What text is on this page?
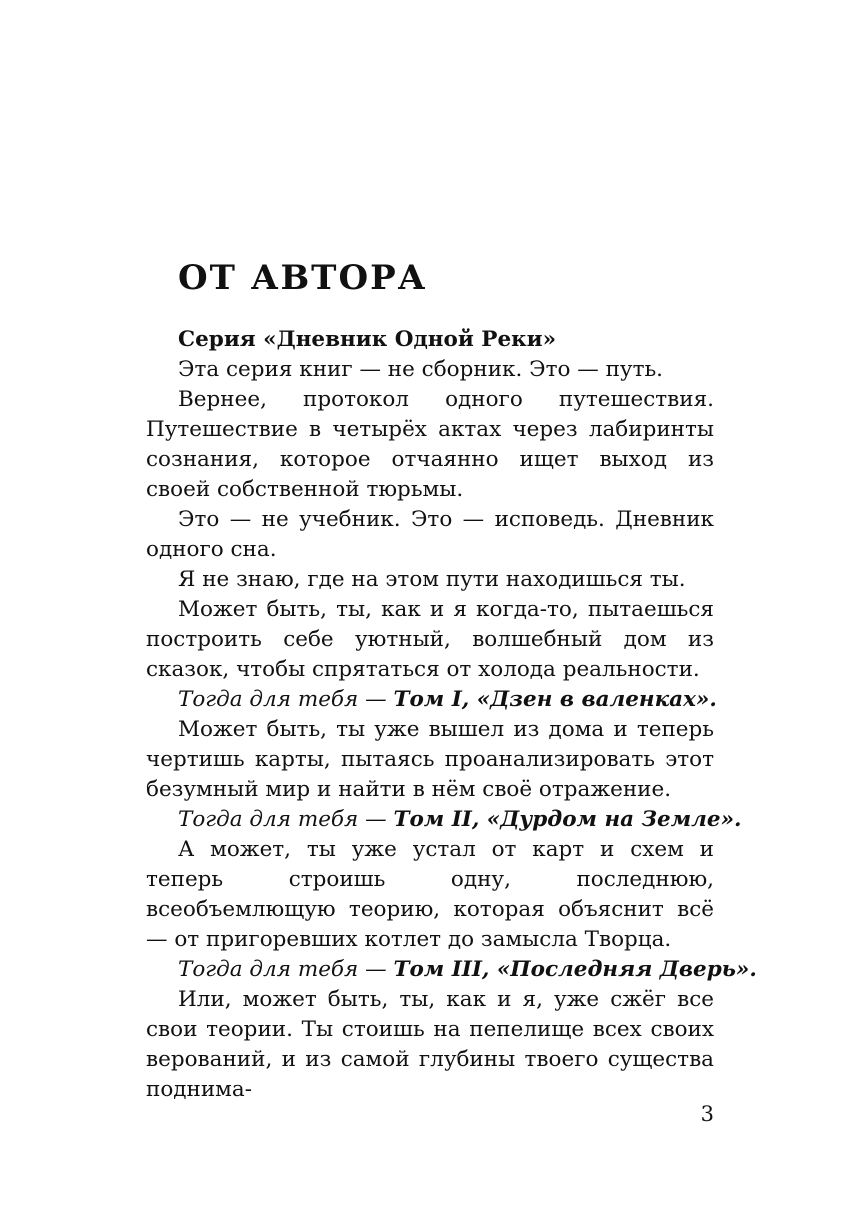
ОТ АВТОРА

Серия «Дневник Одной Реки»

Эта серия книг — не сборник. Это — путь.

Вернее, протокол одного путешествия. Путешествие в четырёх актах через лабиринты сознания, которое отчаянно ищет выход из своей собственной тюрьмы.

Это — не учебник. Это — исповедь. Дневник одного сна.

Я не знаю, где на этом пути находишься ты.

Может быть, ты, как и я когда-то, пытаешься построить себе уютный, волшебный дом из сказок, чтобы спрятаться от холода реальности.

Тогда для тебя — Том I, «Дзен в валенках».

Может быть, ты уже вышел из дома и теперь чертишь карты, пытаясь проанализировать этот безумный мир и найти в нём своё отражение.

Тогда для тебя — Том II, «Дурдом на Земле».

А может, ты уже устал от карт и схем и теперь строишь одну, последнюю, всеобъемлющую теорию, которая объяснит всё — от пригоревших котлет до замысла Творца.

Тогда для тебя — Том III, «Последняя Дверь».

Или, может быть, ты, как и я, уже сжёг все свои теории. Ты стоишь на пепелище всех своих верований, и из самой глубины твоего существа поднима-

3
